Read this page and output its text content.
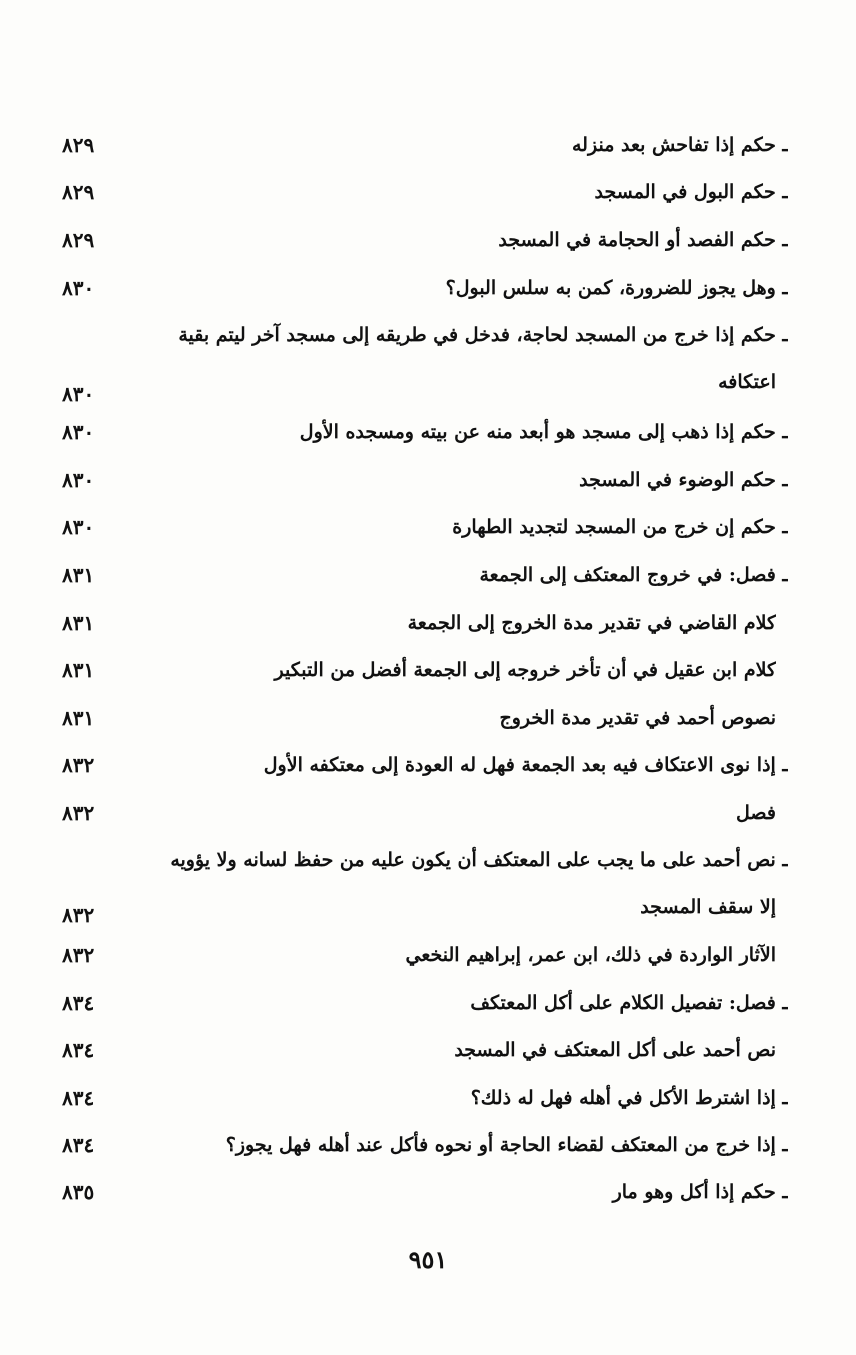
ـ حكم إذا تفاحش بعد منزله
٨٢٩
ـ حكم البول في المسجد
٨٢٩
ـ حكم الفصد أو الحجامة في المسجد
٨٢٩
ـ وهل يجوز للضرورة، كمن به سلس البول؟
٨٣٠
ـ حكم إذا خرج من المسجد لحاجة، فدخل في طريقه إلى مسجد آخر ليتم بقية
اعتكافه
٨٣٠
ـ حكم إذا ذهب إلى مسجد هو أبعد منه عن بيته ومسجده الأول
٨٣٠
ـ حكم الوضوء في المسجد
٨٣٠
ـ حكم إن خرج من المسجد لتجديد الطهارة
٨٣٠
ـ فصل: في خروج المعتكف إلى الجمعة
٨٣١
كلام القاضي في تقدير مدة الخروج إلى الجمعة
٨٣١
كلام ابن عقيل في أن تأخر خروجه إلى الجمعة أفضل من التبكير
٨٣١
نصوص أحمد في تقدير مدة الخروج
٨٣١
ـ إذا نوى الاعتكاف فيه بعد الجمعة فهل له العودة إلى معتكفه الأول
٨٣٢
فصل
٨٣٢
ـ نص أحمد على ما يجب على المعتكف أن يكون عليه من حفظ لسانه ولا يؤويه
إلا سقف المسجد
٨٣٢
الآثار الواردة في ذلك، ابن عمر، إبراهيم النخعي
٨٣٢
ـ فصل: تفصيل الكلام على أكل المعتكف
٨٣٤
نص أحمد على أكل المعتكف في المسجد
٨٣٤
ـ إذا اشترط الأكل في أهله فهل له ذلك؟
٨٣٤
ـ إذا خرج من المعتكف لقضاء الحاجة أو نحوه فأكل عند أهله فهل يجوز؟
٨٣٤
ـ حكم إذا أكل وهو مار
٨٣٥
٩٥١
